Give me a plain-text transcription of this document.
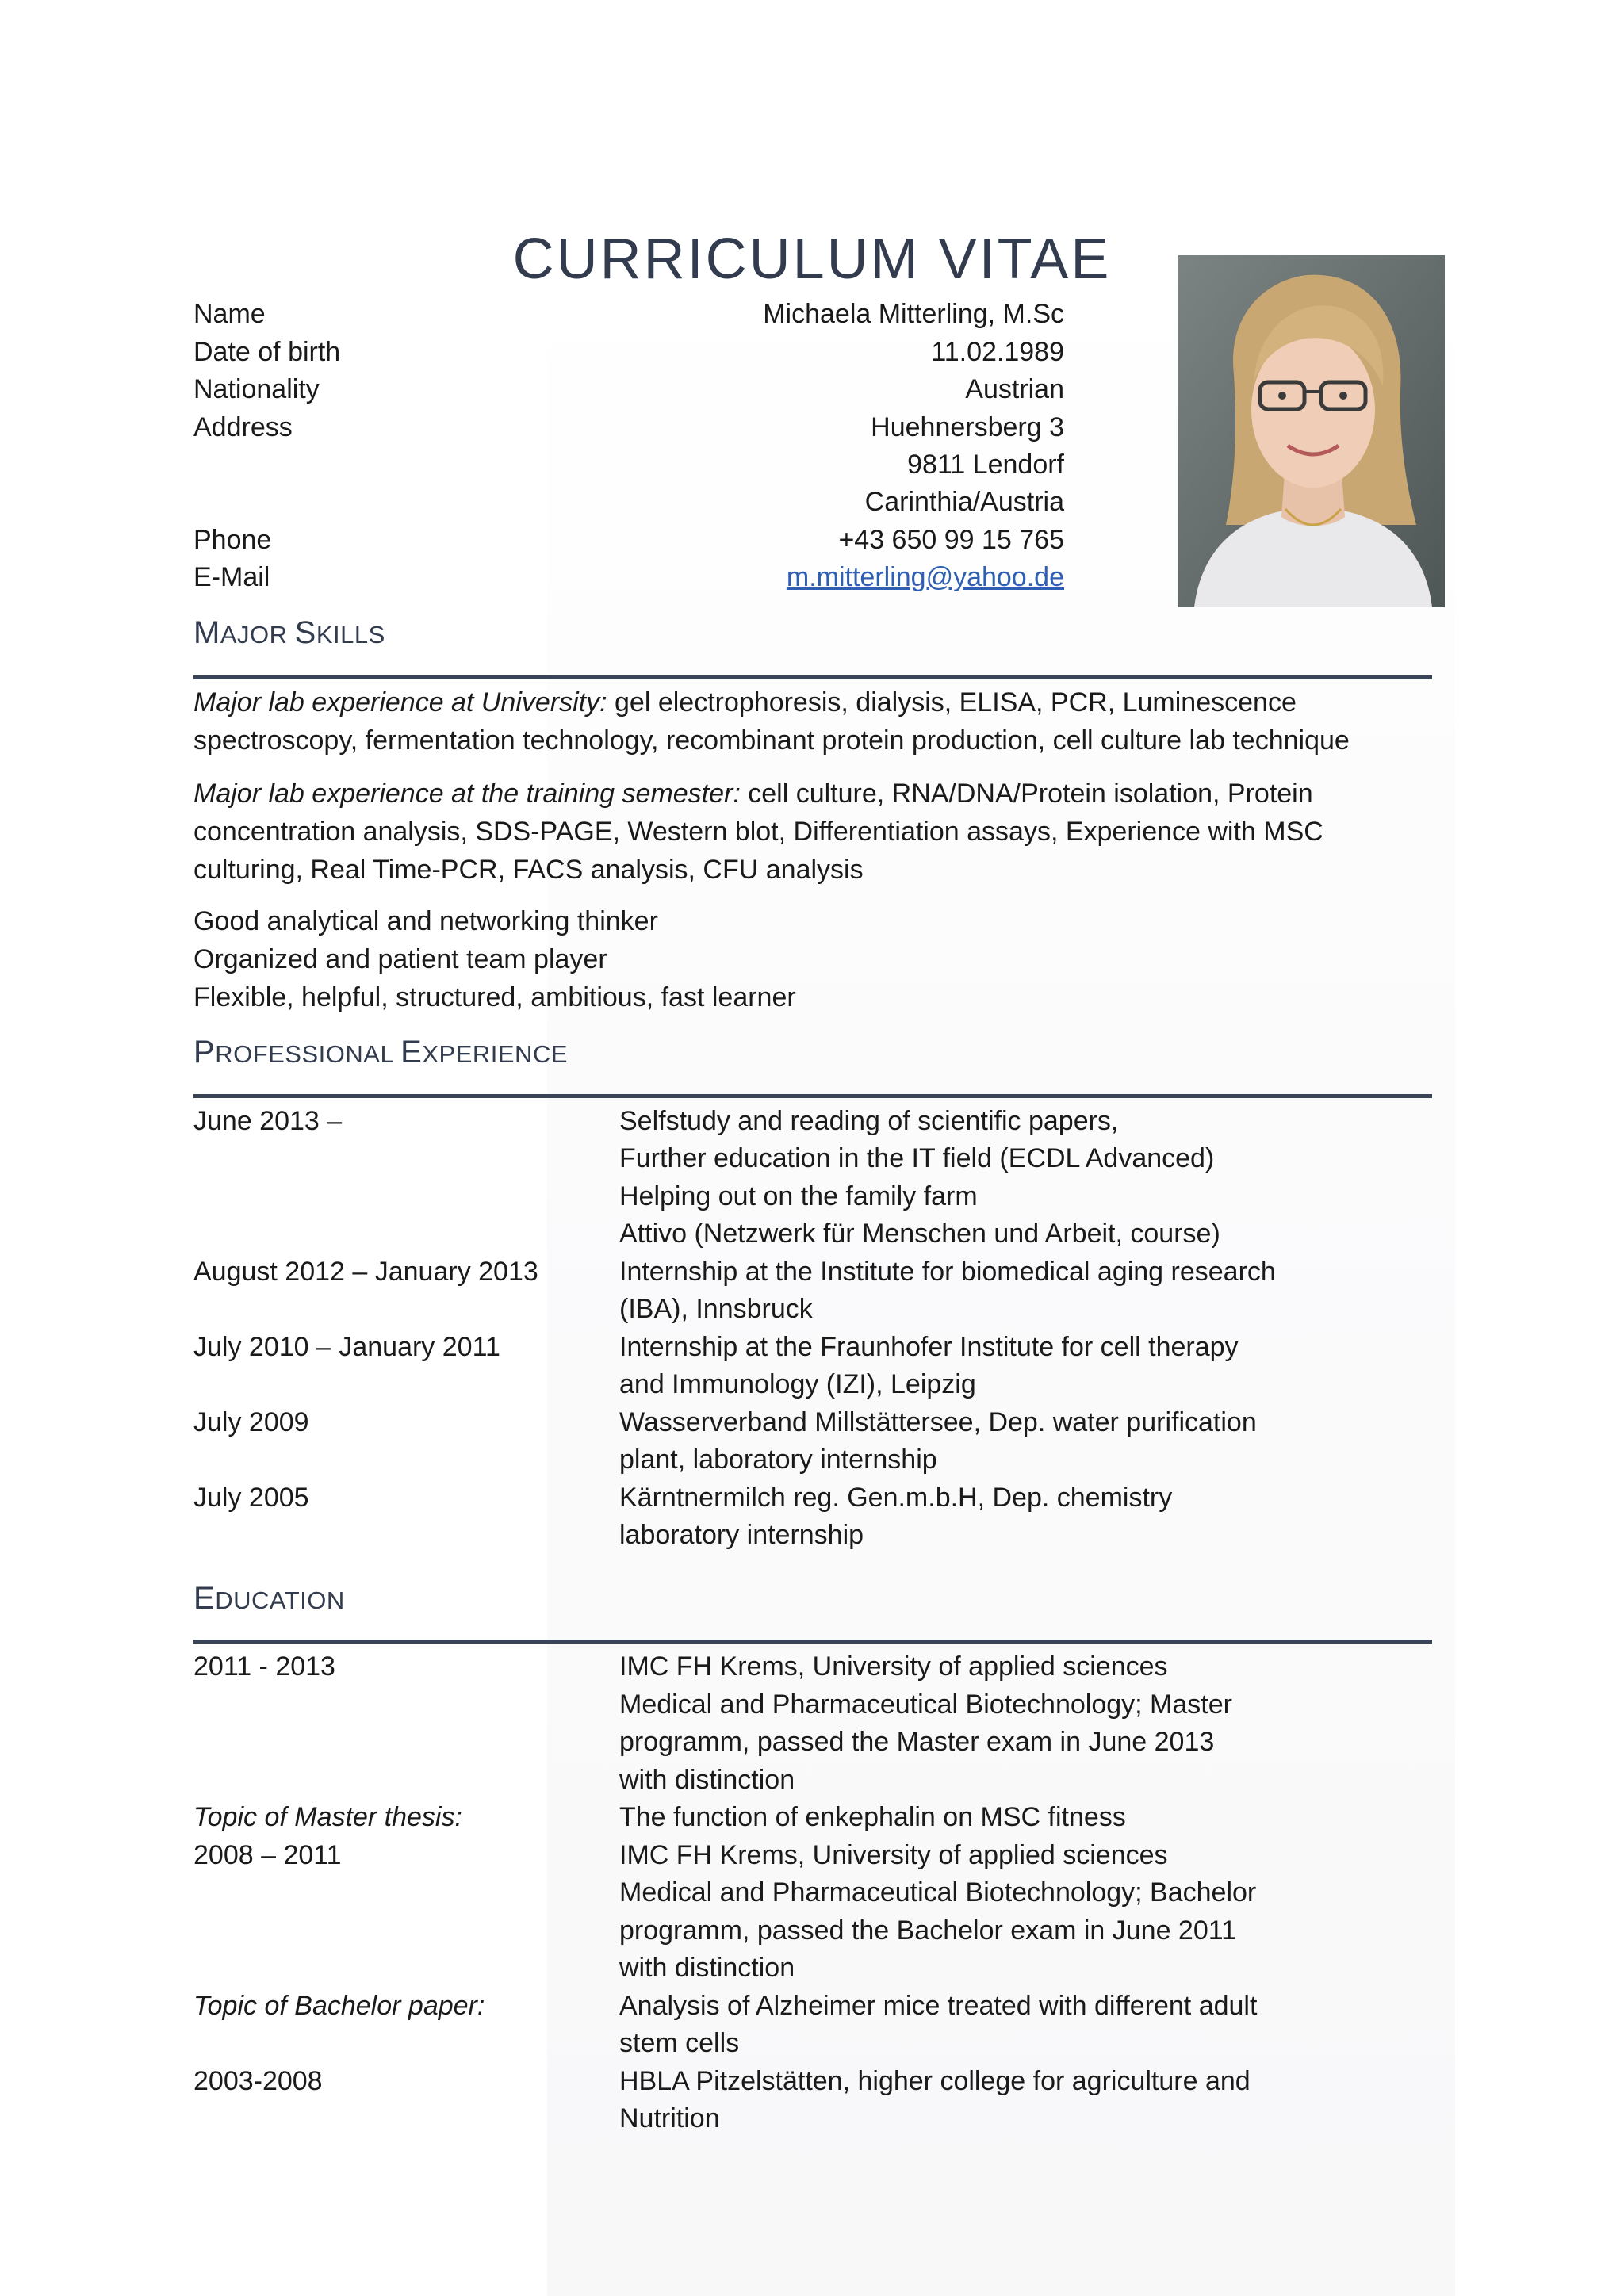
CURRICULUM VITAE
Name	Michaela Mitterling, M.Sc
Date of birth	11.02.1989
Nationality	Austrian
Address	Huehnersberg 3
9811 Lendorf
Carinthia/Austria
Phone	+43 650 99 15 765
E-Mail	m.mitterling@yahoo.de
MAJOR SKILLS
Major lab experience at University: gel electrophoresis, dialysis, ELISA, PCR, Luminescence
spectroscopy, fermentation technology, recombinant protein production, cell culture lab technique
Major lab experience at the training semester: cell culture, RNA/DNA/Protein isolation, Protein
concentration analysis, SDS-PAGE, Western blot, Differentiation assays, Experience with MSC
culturing, Real Time-PCR, FACS analysis, CFU analysis
Good analytical and networking thinker
Organized and patient team player
Flexible, helpful, structured, ambitious, fast learner
PROFESSIONAL EXPERIENCE
June 2013 –	Selfstudy and reading of scientific papers,
Further education in the IT field (ECDL Advanced)
Helping out on the family farm
Attivo (Netzwerk für Menschen und Arbeit, course)
August 2012 – January 2013	Internship at the Institute for biomedical aging research
(IBA), Innsbruck
July 2010 – January 2011	Internship at the Fraunhofer Institute for cell therapy
and Immunology (IZI), Leipzig
July 2009	Wasserverband Millstättersee, Dep. water purification
plant, laboratory internship
July 2005	Kärntnermilch reg. Gen.m.b.H, Dep. chemistry
laboratory internship
EDUCATION
2011 - 2013	IMC FH Krems, University of applied sciences
Medical and Pharmaceutical Biotechnology; Master
programm, passed the Master exam in June 2013
with distinction
Topic of Master thesis:	The function of enkephalin on MSC fitness
2008 – 2011	IMC FH Krems, University of applied sciences
Medical and Pharmaceutical Biotechnology; Bachelor
programm, passed the Bachelor exam in June 2011
with distinction
Topic of Bachelor paper:	Analysis of Alzheimer mice treated with different adult
stem cells
2003-2008	HBLA Pitzelstätten, higher college for agriculture and
Nutrition
